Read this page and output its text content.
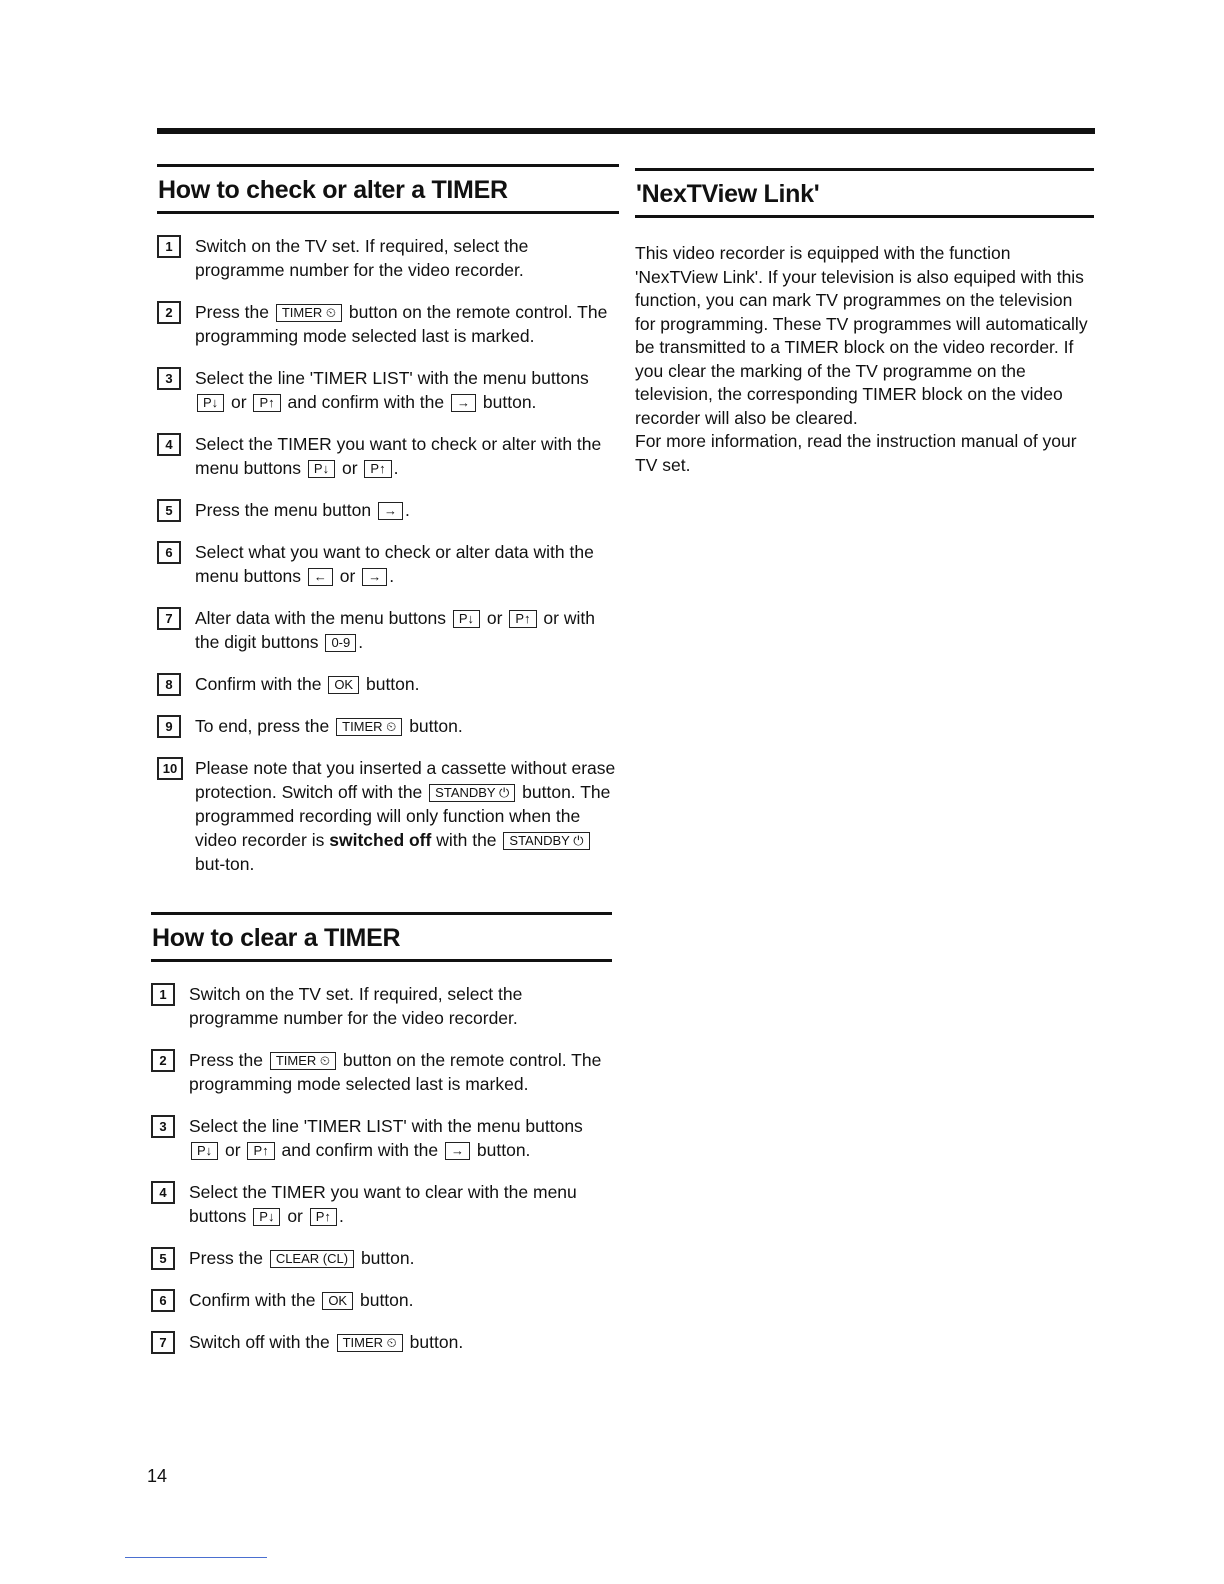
How to check or alter a TIMER
1	Switch on the TV set. If required, select the programme number for the video recorder.
2	Press the TIMER ⏲ button on the remote control. The programming mode selected last is marked.
3	Select the line 'TIMER LIST' with the menu buttons P↓ or P↑ and confirm with the → button.
4	Select the TIMER you want to check or alter with the menu buttons P↓ or P↑ .
5	Press the menu button → .
6	Select what you want to check or alter data with the menu buttons ← or → .
7	Alter data with the menu buttons P↓ or P↑ or with the digit buttons 0-9 .
8	Confirm with the OK button.
9	To end, press the TIMER ⏲ button.
10	Please note that you inserted a cassette without erase protection. Switch off with the STANDBY ⏻ button. The programmed recording will only function when the video recorder is switched off with the STANDBY ⏻ but-ton.
How to clear a TIMER
1	Switch on the TV set. If required, select the programme number for the video recorder.
2	Press the TIMER ⏲ button on the remote control. The programming mode selected last is marked.
3	Select the line 'TIMER LIST' with the menu buttons P↓ or P↑ and confirm with the → button.
4	Select the TIMER you want to clear with the menu buttons P↓ or P↑ .
5	Press the CLEAR (CL) button.
6	Confirm with the OK button.
7	Switch off with the TIMER ⏲ button.
'NexTView Link'

This video recorder is equipped with the function 'NexTView Link'. If your television is also equiped with this function, you can mark TV programmes on the television for programming. These TV programmes will automatically be transmitted to a TIMER block on the video recorder. If you clear the marking of the TV programme on the television, the corresponding TIMER block on the video recorder will also be cleared.

For more information, read the instruction manual of your TV set.

14
